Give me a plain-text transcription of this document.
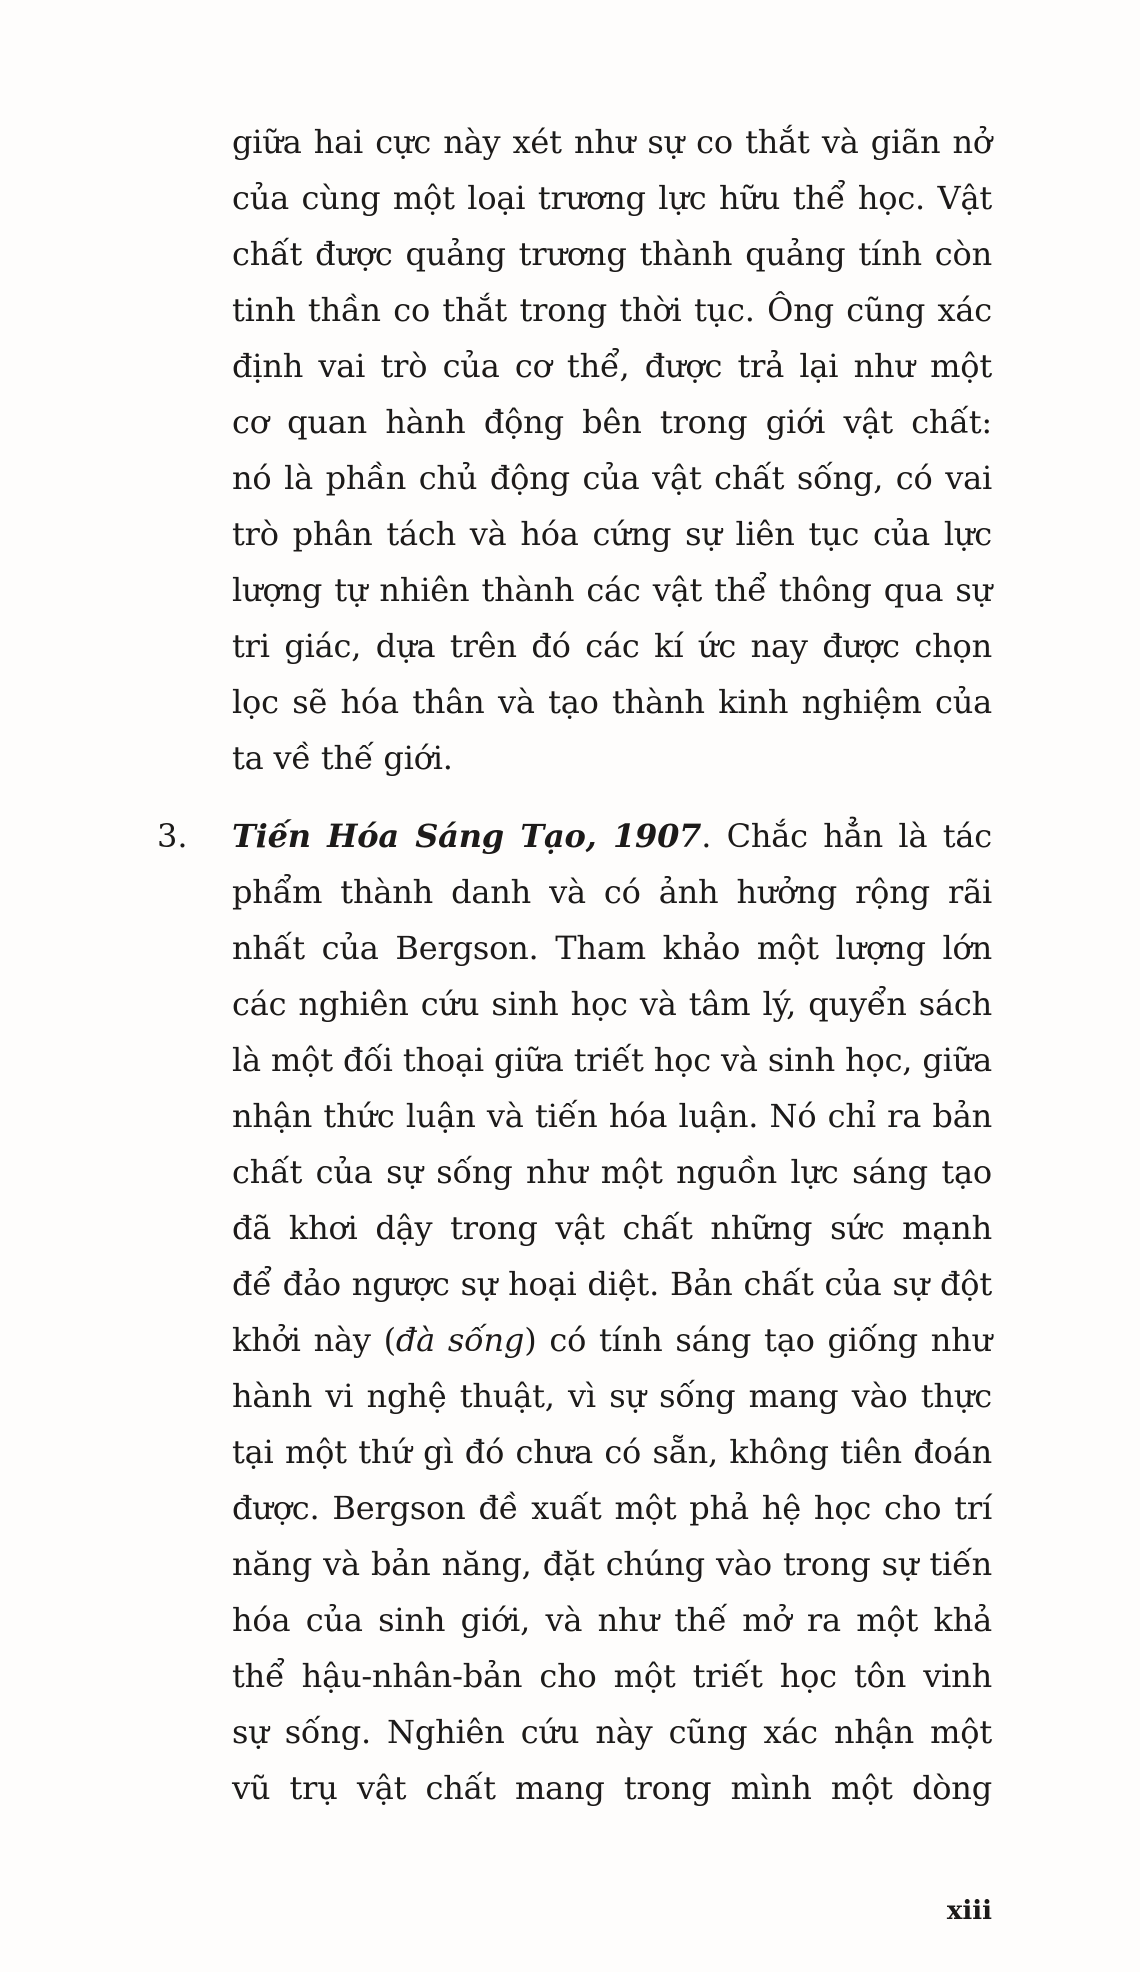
giữa hai cực này xét như sự co thắt và giãn nở
của cùng một loại trương lực hữu thể học. Vật
chất được quảng trương thành quảng tính còn
tinh thần co thắt trong thời tục. Ông cũng xác
định vai trò của cơ thể, được trả lại như một
cơ quan hành động bên trong giới vật chất:
nó là phần chủ động của vật chất sống, có vai
trò phân tách và hóa cứng sự liên tục của lực
lượng tự nhiên thành các vật thể thông qua sự
tri giác, dựa trên đó các kí ức nay được chọn
lọc sẽ hóa thân và tạo thành kinh nghiệm của
ta về thế giới.
3. Tiến Hóa Sáng Tạo, 1907. Chắc hẳn là tác
phẩm thành danh và có ảnh hưởng rộng rãi
nhất của Bergson. Tham khảo một lượng lớn
các nghiên cứu sinh học và tâm lý, quyển sách
là một đối thoại giữa triết học và sinh học, giữa
nhận thức luận và tiến hóa luận. Nó chỉ ra bản
chất của sự sống như một nguồn lực sáng tạo
đã khơi dậy trong vật chất những sức mạnh
để đảo ngược sự hoại diệt. Bản chất của sự đột
khởi này (đà sống) có tính sáng tạo giống như
hành vi nghệ thuật, vì sự sống mang vào thực
tại một thứ gì đó chưa có sẵn, không tiên đoán
được. Bergson đề xuất một phả hệ học cho trí
năng và bản năng, đặt chúng vào trong sự tiến
hóa của sinh giới, và như thế mở ra một khả
thể hậu-nhân-bản cho một triết học tôn vinh
sự sống. Nghiên cứu này cũng xác nhận một
vũ trụ vật chất mang trong mình một dòng
xiii
